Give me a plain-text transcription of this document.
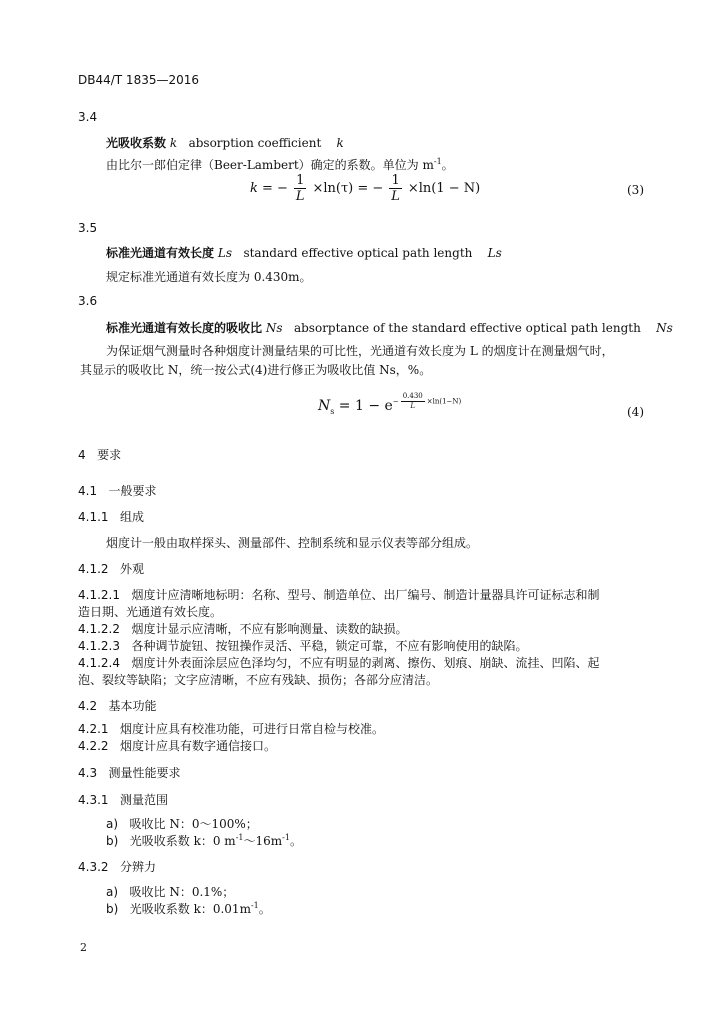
DB44/T 1835—2016
3.4
光吸收系数 k absorption coefficient k
由比尔一郎伯定律（Beer-Lambert）确定的系数。单位为 $m^{-1}$。
k = − $\frac{1}{L} \times\ln(\tau)$ = − $\frac{1}{L} \times\ln(1 - N)$	(3)
3.5
标准光通道有效长度 Ls standard effective optical path length Ls
规定标准光通道有效长度为 0.430m。
3.6
标准光通道有效长度的吸收比 Ns absorptance of the standard effective optical path length Ns
为保证烟气测量时各种烟度计测量结果的可比性，光通道有效长度为 L 的烟度计在测量烟气时，
其显示的吸收比 N，统一按公式(4)进行修正为吸收比值 Ns，%。
$N_s = 1 - e- \frac{0.430}{L} \times\ln(1-N)$
(4)
4 要求
4.1 一般要求
4.1.1 组成
烟度计一般由取样探头、测量部件、控制系统和显示仪表等部分组成。
4.1.2 外观
4.1.2.1 烟度计应清晰地标明：名称、型号、制造单位、出厂编号、制造计量器具许可证标志和制
造日期、光通道有效长度。
4.1.2.2 烟度计显示应清晰，不应有影响测量、读数的缺损。
4.1.2.3 各种调节旋钮、按钮操作灵活、平稳，锁定可靠，不应有影响使用的缺陷。
4.1.2.4 烟度计外表面涂层应色泽均匀，不应有明显的剥离、擦伤、划痕、崩缺、流挂、凹陷、起
泡、裂纹等缺陷；文字应清晰，不应有残缺、损伤；各部分应清洁。
4.2 基本功能
4.2.1 烟度计应具有校准功能，可进行日常自检与校准。
4.2.2 烟度计应具有数字通信接口。
4.3 测量性能要求
4.3.1 测量范围
a) 吸收比 N：0～100%；
b) 光吸收系数 k：0 $m^{-1}\sim 16m^{-1}$。
4.3.2 分辨力
a) 吸收比 N：0.1%；
b) 光吸收系数 k：$0.01m^{-1}$。
2
